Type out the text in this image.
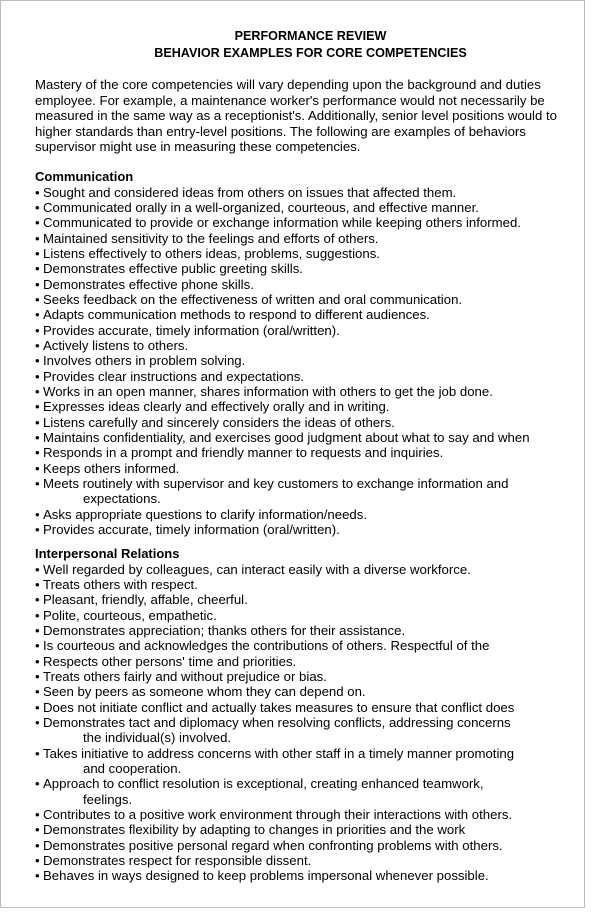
PERFORMANCE REVIEW
BEHAVIOR EXAMPLES FOR CORE COMPETENCIES
Mastery of the core competencies will vary depending upon the background and duties employee. For example, a maintenance worker's performance would not necessarily be measured in the same way as a receptionist's. Additionally, senior level positions would to higher standards than entry-level positions. The following are examples of behaviors supervisor might use in measuring these competencies.
Communication
• Sought and considered ideas from others on issues that affected them.
• Communicated orally in a well-organized, courteous, and effective manner.
• Communicated to provide or exchange information while keeping others informed.
• Maintained sensitivity to the feelings and efforts of others.
• Listens effectively to others ideas, problems, suggestions.
• Demonstrates effective public greeting skills.
• Demonstrates effective phone skills.
• Seeks feedback on the effectiveness of written and oral communication.
• Adapts communication methods to respond to different audiences.
• Provides accurate, timely information (oral/written).
• Actively listens to others.
• Involves others in problem solving.
• Provides clear instructions and expectations.
• Works in an open manner, shares information with others to get the job done.
• Expresses ideas clearly and effectively orally and in writing.
• Listens carefully and sincerely considers the ideas of others.
• Maintains confidentiality, and exercises good judgment about what to say and when
• Responds in a prompt and friendly manner to requests and inquiries.
• Keeps others informed.
• Meets routinely with supervisor and key customers to exchange information and
expectations.
• Asks appropriate questions to clarify information/needs.
• Provides accurate, timely information (oral/written).
Interpersonal Relations
• Well regarded by colleagues, can interact easily with a diverse workforce.
• Treats others with respect.
• Pleasant, friendly, affable, cheerful.
• Polite, courteous, empathetic.
• Demonstrates appreciation; thanks others for their assistance.
• Is courteous and acknowledges the contributions of others. Respectful of the
• Respects other persons' time and priorities.
• Treats others fairly and without prejudice or bias.
• Seen by peers as someone whom they can depend on.
• Does not initiate conflict and actually takes measures to ensure that conflict does
• Demonstrates tact and diplomacy when resolving conflicts, addressing concerns
the individual(s) involved.
• Takes initiative to address concerns with other staff in a timely manner promoting
and cooperation.
• Approach to conflict resolution is exceptional, creating enhanced teamwork,
feelings.
• Contributes to a positive work environment through their interactions with others.
• Demonstrates flexibility by adapting to changes in priorities and the work
• Demonstrates positive personal regard when confronting problems with others.
• Demonstrates respect for responsible dissent.
• Behaves in ways designed to keep problems impersonal whenever possible.
